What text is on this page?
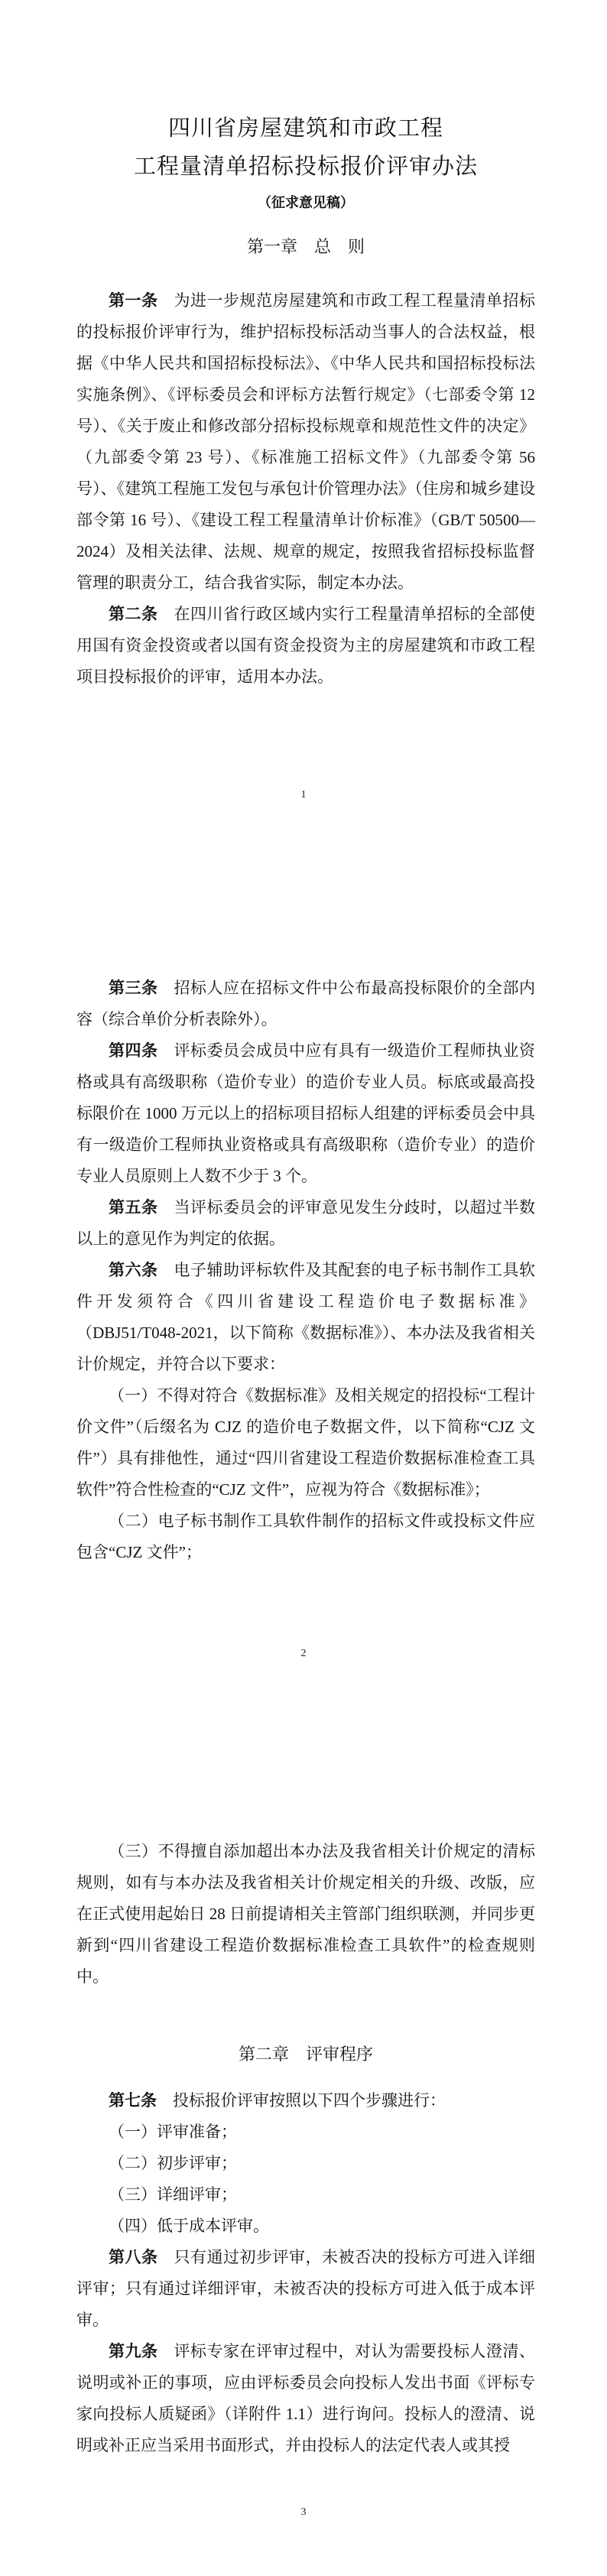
四川省房屋建筑和市政工程
工程量清单招标投标报价评审办法
（征求意见稿）
第一章　总　则

第一条 为进一步规范房屋建筑和市政工程工程量清单招标的投标报价评审行为，维护招标投标活动当事人的合法权益，根据《中华人民共和国招标投标法》、《中华人民共和国招标投标法实施条例》、《评标委员会和评标方法暂行规定》（七部委令第 12 号）、《关于废止和修改部分招标投标规章和规范性文件的决定》（九部委令第 23 号）、《标准施工招标文件》（九部委令第 56 号）、《建筑工程施工发包与承包计价管理办法》（住房和城乡建设部令第 16 号）、《建设工程工程量清单计价标准》（GB/T 50500—2024）及相关法律、法规、规章的规定，按照我省招标投标监督管理的职责分工，结合我省实际，制定本办法。

第二条 在四川省行政区域内实行工程量清单招标的全部使用国有资金投资或者以国有资金投资为主的房屋建筑和市政工程项目投标报价的评审，适用本办法。

1

第三条 招标人应在招标文件中公布最高投标限价的全部内容（综合单价分析表除外）。

第四条 评标委员会成员中应有具有一级造价工程师执业资格或具有高级职称（造价专业）的造价专业人员。标底或最高投标限价在 1000 万元以上的招标项目招标人组建的评标委员会中具有一级造价工程师执业资格或具有高级职称（造价专业）的造价专业人员原则上人数不少于 3 个。

第五条 当评标委员会的评审意见发生分歧时，以超过半数以上的意见作为判定的依据。

第六条 电子辅助评标软件及其配套的电子标书制作工具软件开发须符合《四川省建设工程造价电子数据标准》（DBJ51/T048-2021，以下简称《数据标准》）、本办法及我省相关计价规定，并符合以下要求：

（一）不得对符合《数据标准》及相关规定的招投标“工程计价文件”（后缀名为 CJZ 的造价电子数据文件，以下简称“CJZ 文件”）具有排他性，通过“四川省建设工程造价数据标准检查工具软件”符合性检查的“CJZ 文件”，应视为符合《数据标准》；

（二）电子标书制作工具软件制作的招标文件或投标文件应包含“CJZ 文件”；

2

（三）不得擅自添加超出本办法及我省相关计价规定的清标规则，如有与本办法及我省相关计价规定相关的升级、改版，应在正式使用起始日 28 日前提请相关主管部门组织联测，并同步更新到“四川省建设工程造价数据标准检查工具软件”的检查规则中。

第二章　评审程序

第七条 投标报价评审按照以下四个步骤进行：

（一）评审准备；

（二）初步评审；

（三）详细评审；

（四）低于成本评审。

第八条 只有通过初步评审，未被否决的投标方可进入详细评审；只有通过详细评审，未被否决的投标方可进入低于成本评审。

第九条 评标专家在评审过程中，对认为需要投标人澄清、说明或补正的事项，应由评标委员会向投标人发出书面《评标专家向投标人质疑函》（详附件 1.1）进行询问。投标人的澄清、说明或补正应当采用书面形式，并由投标人的法定代表人或其授

3
